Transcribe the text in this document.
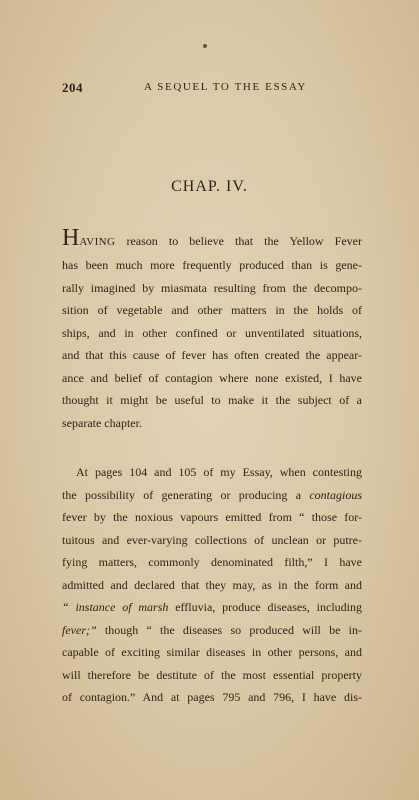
204	A SEQUEL TO THE ESSAY
CHAP. IV.
HAVING reason to believe that the Yellow Fever
has been much more frequently produced than is gene-
rally imagined by miasmata resulting from the decompo-
sition of vegetable and other matters in the holds of
ships, and in other confined or unventilated situations,
and that this cause of fever has often created the appear-
ance and belief of contagion where none existed, I have
thought it might be useful to make it the subject of a
separate chapter.
At pages 104 and 105 of my Essay, when contesting
the possibility of generating or producing a contagious
fever by the noxious vapours emitted from “ those for-
tuitous and ever-varying collections of unclean or putre-
fying matters, commonly denominated filth,” I have
admitted and declared that they may, as in the form and
“ instance of marsh effluvia, produce diseases, including
fever;” though “ the diseases so produced will be in-
capable of exciting similar diseases in other persons, and
will therefore be destitute of the most essential property
of contagion.” And at pages 795 and 796, I have dis-
